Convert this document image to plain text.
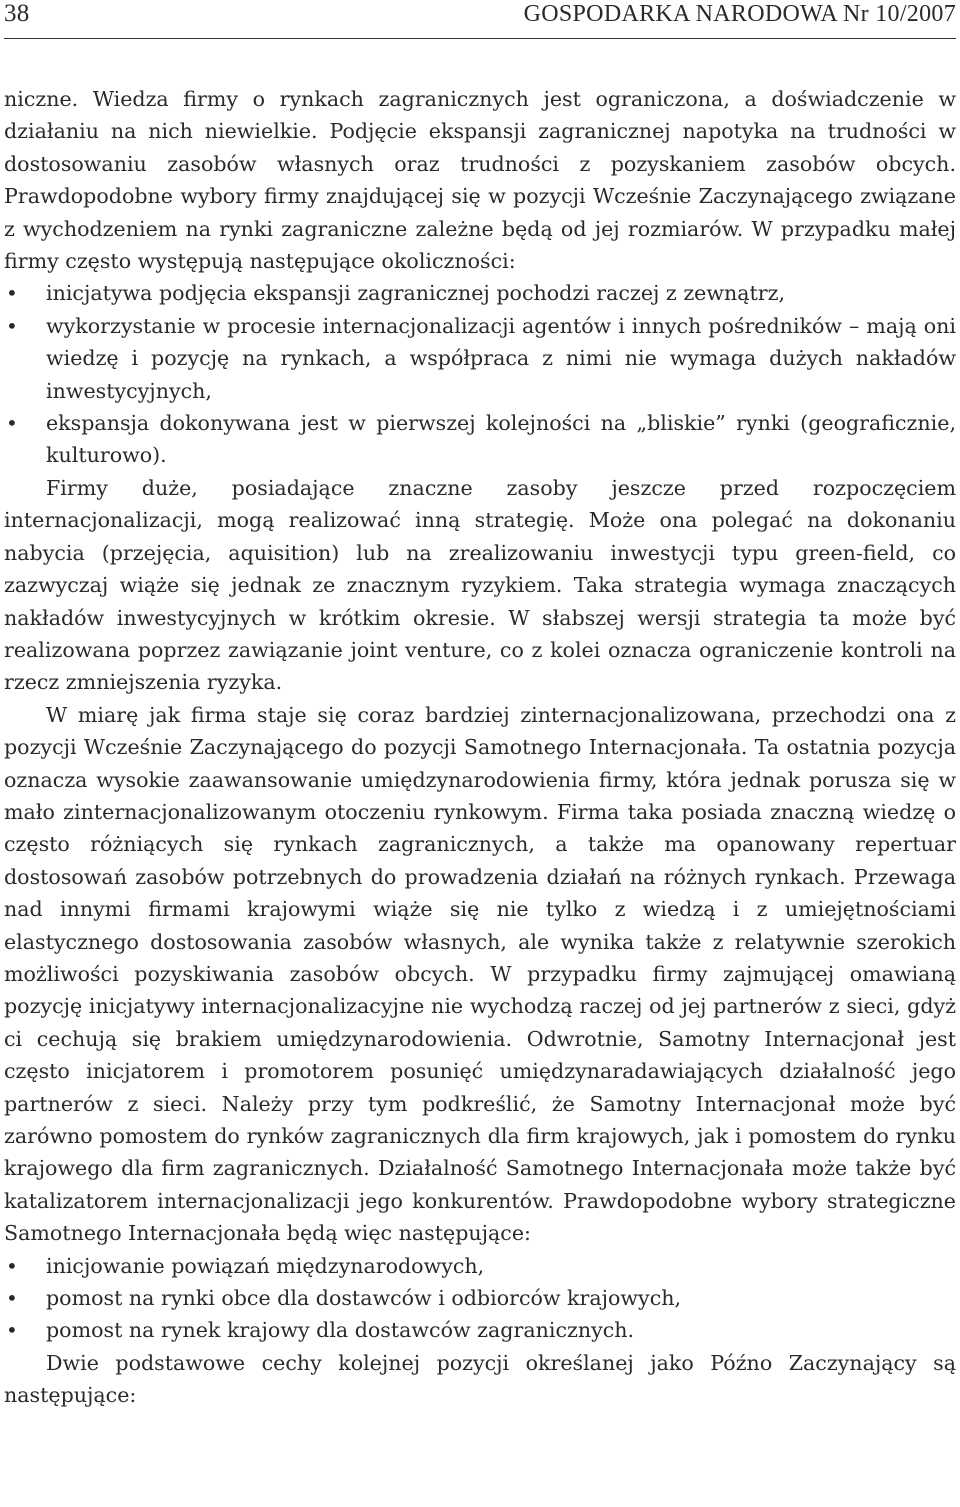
38	GOSPODARKA NARODOWA Nr 10/2007

niczne. Wiedza firmy o rynkach zagranicznych jest ograniczona, a doświadczenie w działaniu na nich niewielkie. Podjęcie ekspansji zagranicznej napotyka na trudności w dostosowaniu zasobów własnych oraz trudności z pozyskaniem zasobów obcych. Prawdopodobne wybory firmy znajdującej się w pozycji Wcześnie Zaczynającego związane z wychodzeniem na rynki zagraniczne zależne będą od jej rozmiarów. W przypadku małej firmy często występują następujące okoliczności:

• inicjatywa podjęcia ekspansji zagranicznej pochodzi raczej z zewnątrz,
• wykorzystanie w procesie internacjonalizacji agentów i innych pośredników – mają oni wiedzę i pozycję na rynkach, a współpraca z nimi nie wymaga dużych nakładów inwestycyjnych,
• ekspansja dokonywana jest w pierwszej kolejności na „bliskie” rynki (geograficznie, kulturowo).

Firmy duże, posiadające znaczne zasoby jeszcze przed rozpoczęciem internacjonalizacji, mogą realizować inną strategię. Może ona polegać na dokonaniu nabycia (przejęcia, aquisition) lub na zrealizowaniu inwestycji typu green-field, co zazwyczaj wiąże się jednak ze znacznym ryzykiem. Taka strategia wymaga znaczących nakładów inwestycyjnych w krótkim okresie. W słabszej wersji strategia ta może być realizowana poprzez zawiązanie joint venture, co z kolei oznacza ograniczenie kontroli na rzecz zmniejszenia ryzyka.

W miarę jak firma staje się coraz bardziej zinternacjonalizowana, przechodzi ona z pozycji Wcześnie Zaczynającego do pozycji Samotnego Internacjonała. Ta ostatnia pozycja oznacza wysokie zaawansowanie umiędzynarodowienia firmy, która jednak porusza się w mało zinternacjonalizowanym otoczeniu rynkowym. Firma taka posiada znaczną wiedzę o często różniących się rynkach zagranicznych, a także ma opanowany repertuar dostosowań zasobów potrzebnych do prowadzenia działań na różnych rynkach. Przewaga nad innymi firmami krajowymi wiąże się nie tylko z wiedzą i z umiejętnościami elastycznego dostosowania zasobów własnych, ale wynika także z relatywnie szerokich możliwości pozyskiwania zasobów obcych. W przypadku firmy zajmującej omawianą pozycję inicjatywy internacjonalizacyjne nie wychodzą raczej od jej partnerów z sieci, gdyż ci cechują się brakiem umiędzynarodowienia. Odwrotnie, Samotny Internacjonał jest często inicjatorem i promotorem posunięć umiędzynaradawiających działalność jego partnerów z sieci. Należy przy tym podkreślić, że Samotny Internacjonał może być zarówno pomostem do rynków zagranicznych dla firm krajowych, jak i pomostem do rynku krajowego dla firm zagranicznych. Działalność Samotnego Internacjonała może także być katalizatorem internacjonalizacji jego konkurentów. Prawdopodobne wybory strategiczne Samotnego Internacjonała będą więc następujące:

• inicjowanie powiązań międzynarodowych,
• pomost na rynki obce dla dostawców i odbiorców krajowych,
• pomost na rynek krajowy dla dostawców zagranicznych.

Dwie podstawowe cechy kolejnej pozycji określanej jako Późno Zaczynający są następujące:
